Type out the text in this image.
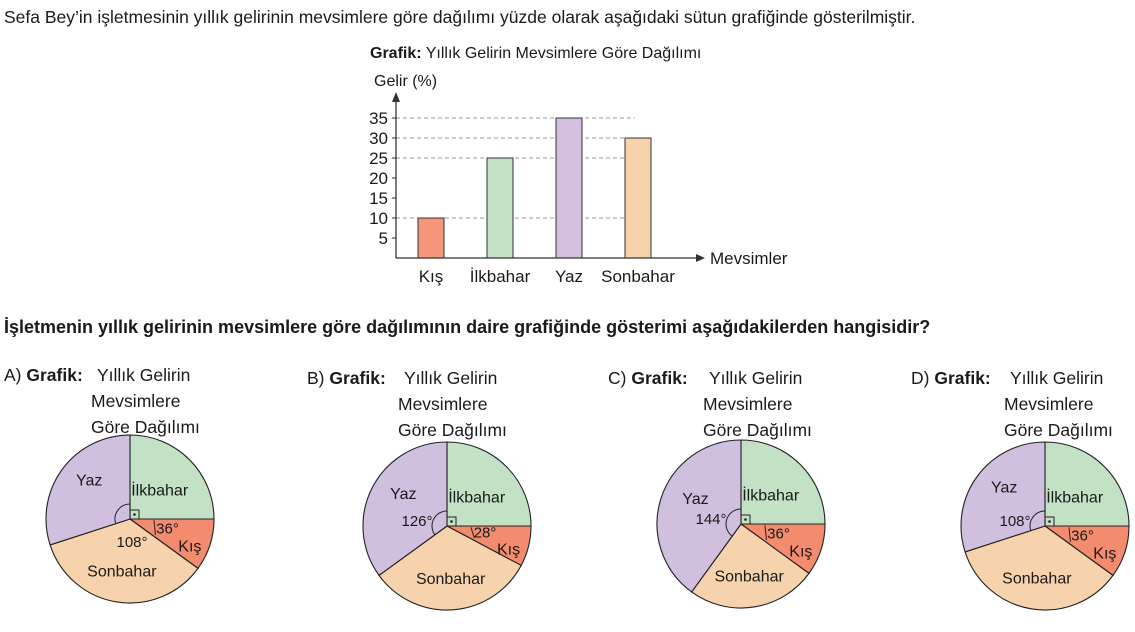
Sefa Bey’in işletmesinin yıllık gelirinin mevsimlere göre dağılımı yüzde olarak aşağıdaki sütun grafiğinde gösterilmiştir.
Grafik: Yıllık Gelirin Mevsimlere Göre Dağılımı
Gelir (%)
Kış İlkbahar Yaz Sonbahar
5
10
15
20
25
30
35
Mevsimler
İşletmenin yıllık gelirinin mevsimlere göre dağılımının daire grafiğinde gösterimi aşağıdakilerden hangisidir?
A) Grafik: Yıllık Gelirin
Mevsimlere
Göre Dağılımı
Yaz
İlkbahar
Sonbahar
Kış
36°
108°
B) Grafik: Yıllık Gelirin
Mevsimlere
Göre Dağılımı
Yaz İlkbahar
Sonbahar
Kış
28°
126°
C) Grafik: Yıllık Gelirin
Mevsimlere
Göre Dağılımı
Yaz İlkbahar
Sonbahar
Kış
36°
144°
D) Grafik: Yıllık Gelirin
Mevsimlere
Göre Dağılımı
Yaz
İlkbahar
Sonbahar
Kış
36°
108°
